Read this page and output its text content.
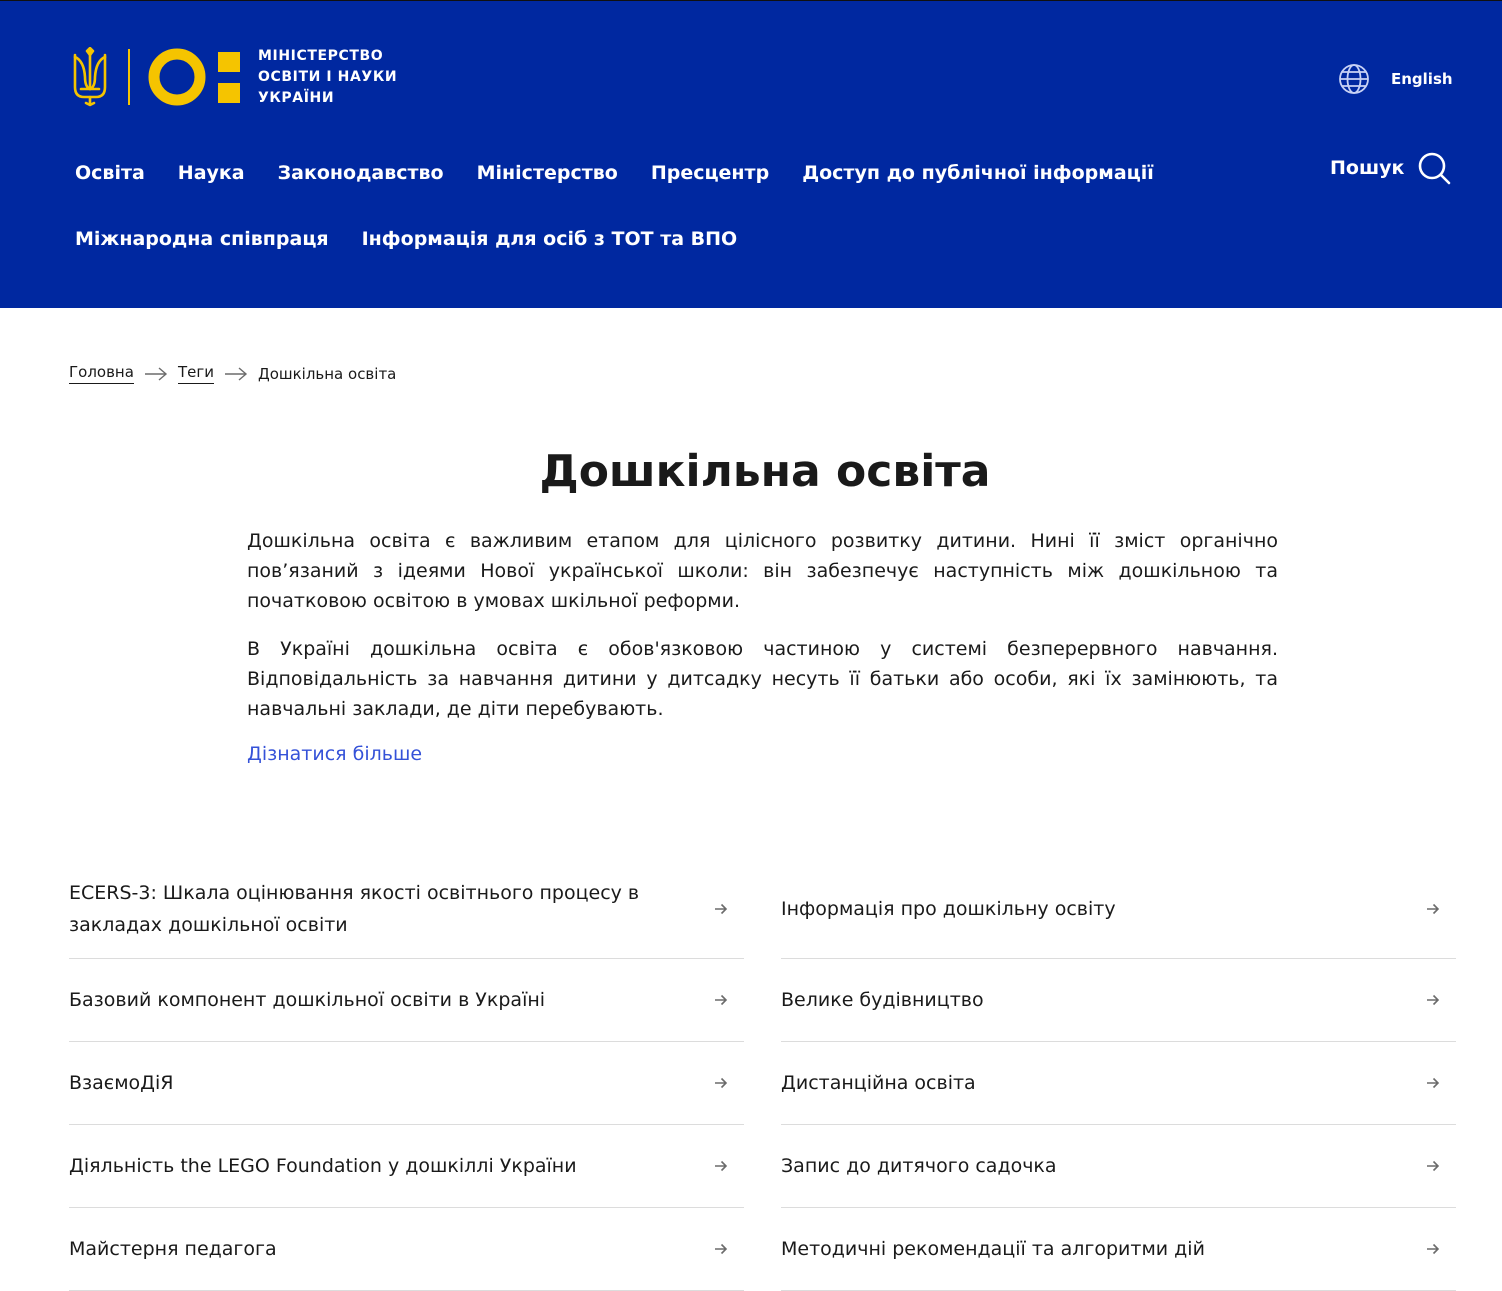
МІНІСТЕРСТВО
ОСВІТИ І НАУКИ
УКРАЇНИ
English
Освіта Наука Законодавство Міністерство Пресцентр Доступ до публічної інформації
Міжнародна співпраця Інформація для осіб з ТОТ та ВПО
Пошук
Головна	Теги	Дошкільна освіта
Дошкільна освіта

Дошкільна освіта є важливим етапом для цілісного розвитку дитини. Нині її зміст органічно пов’язаний з ідеями Нової української школи: він забезпечує наступність між дошкільною та початковою освітою в умовах шкільної реформи.

В Україні дошкільна освіта є обов'язковою частиною у системі безперервного навчання. Відповідальність за навчання дитини у дитсадку несуть її батьки або особи, які їх замінюють, та навчальні заклади, де діти перебувають.

Дізнатися більше
ECERS-3: Шкала оцінювання якості освітнього процесу в закладах дошкільної освіти
Інформація про дошкільну освіту
Базовий компонент дошкільної освіти в Україні	Велике будівництво
ВзаємоДіЯ	Дистанційна освіта
Діяльність the LEGO Foundation у дошкіллі України	Запис до дитячого садочка
Майстерня педагога	Методичні рекомендації та алгоритми дій
